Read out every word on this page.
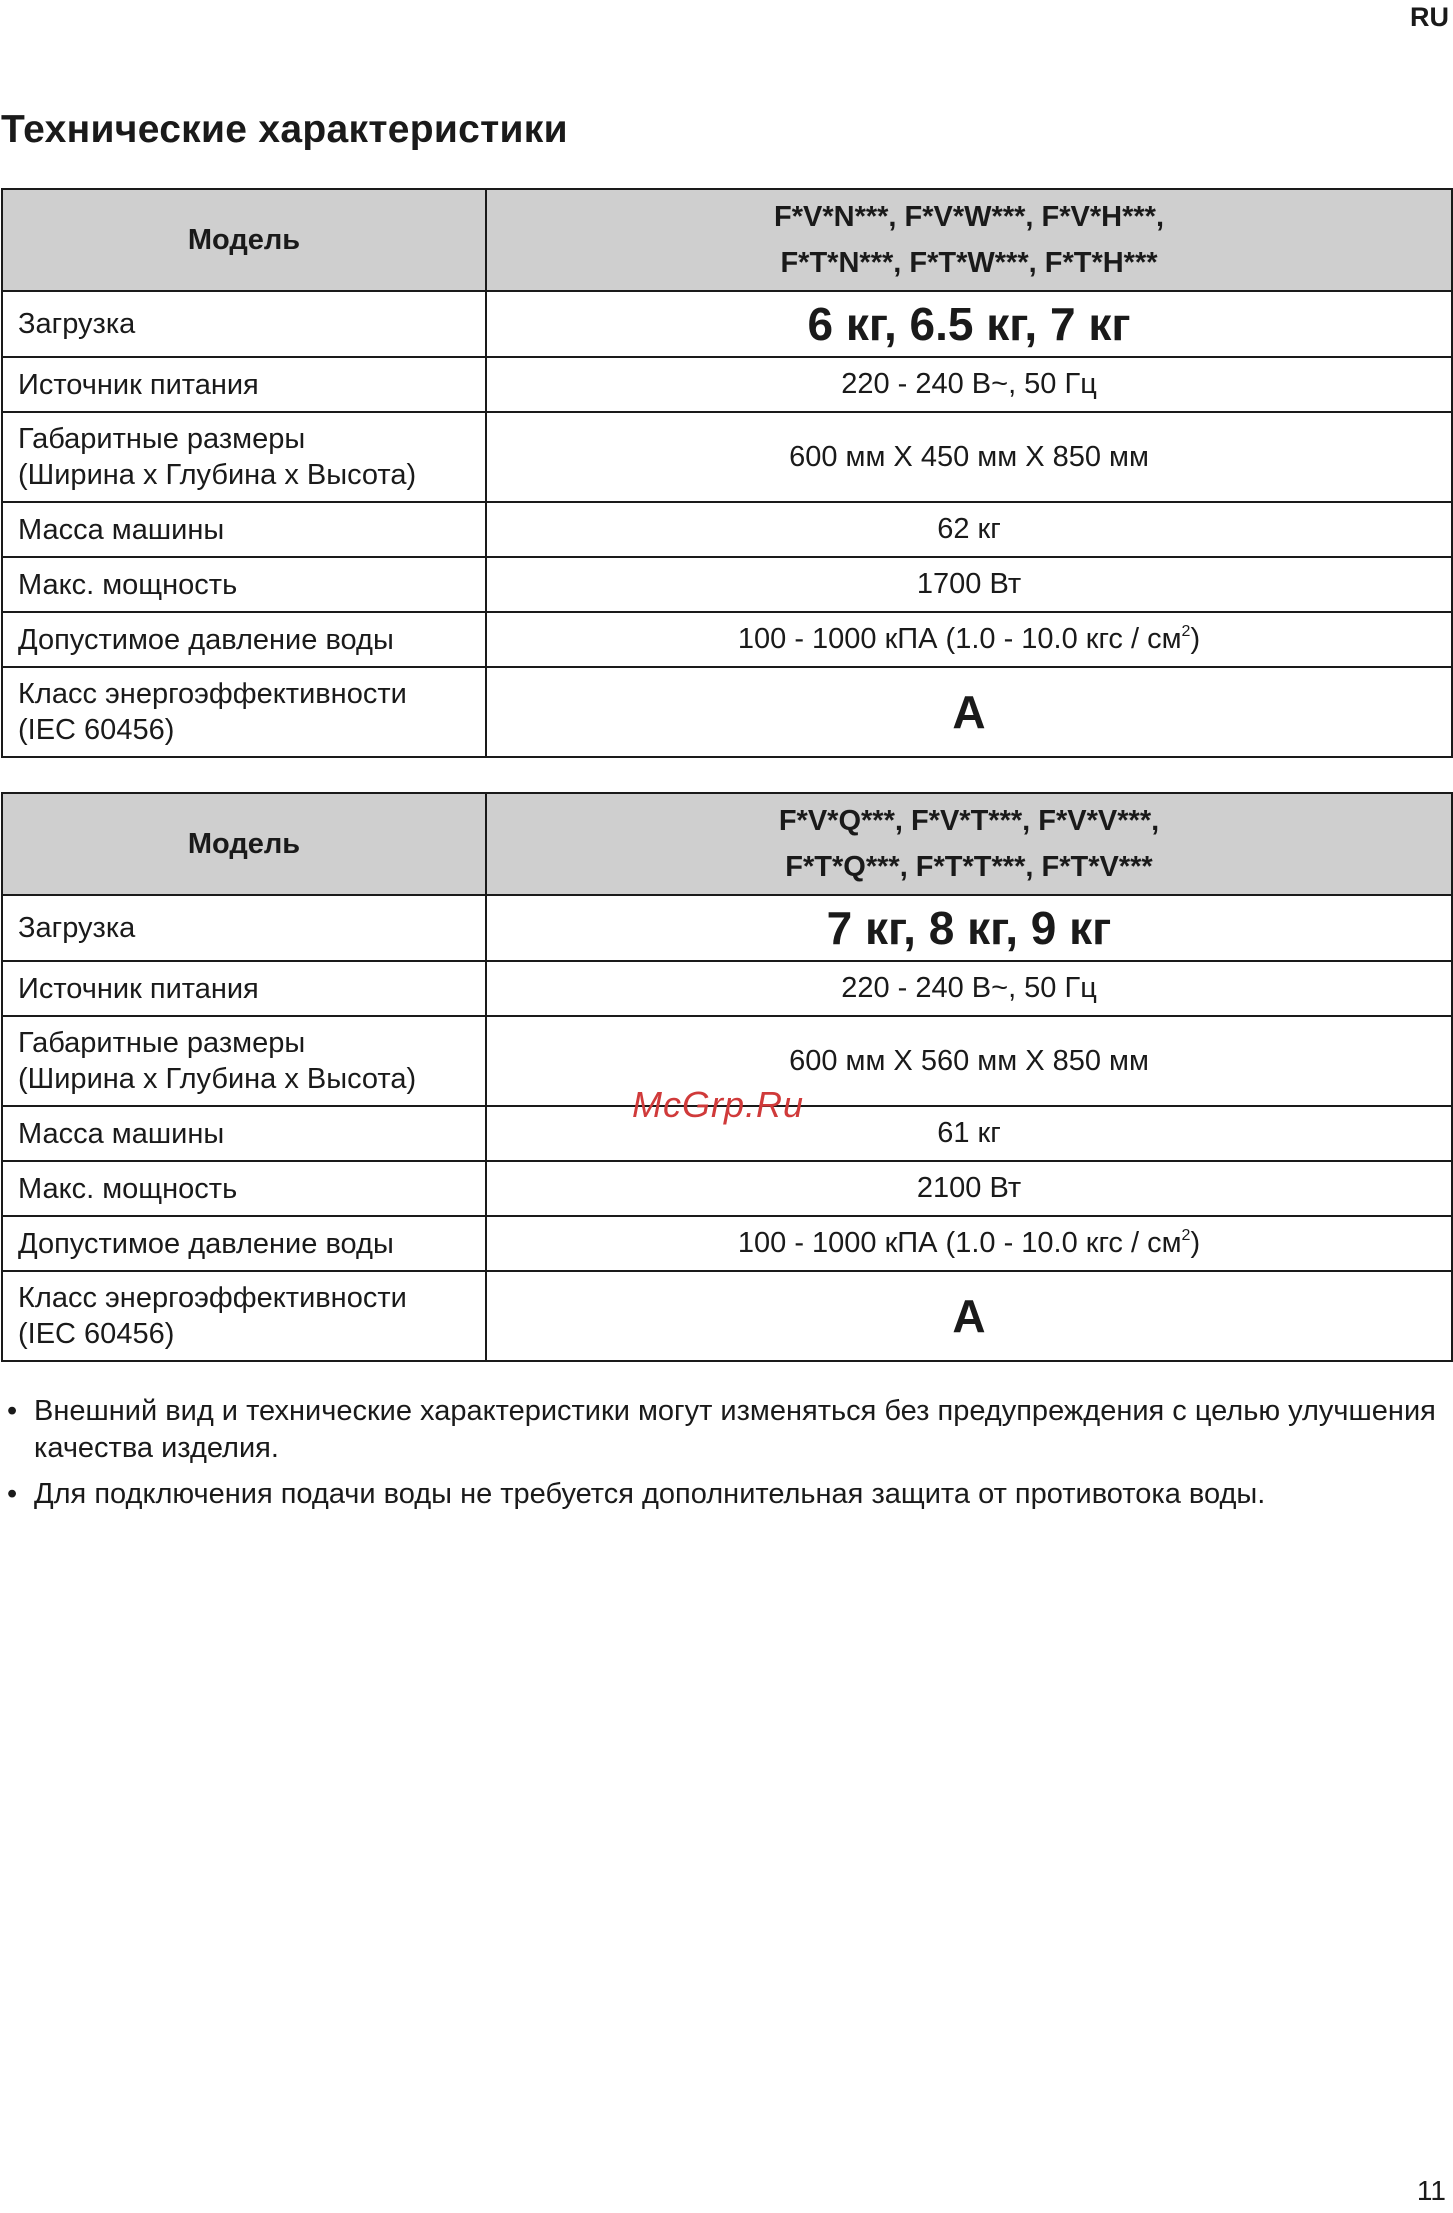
RU
Технические характеристики
Модель	F*V*N***, F*V*W***, F*V*H***,
F*T*N***, F*T*W***, F*T*H***

Загрузка	6 кг, 6.5 кг, 7 кг
Источник питания	220 - 240 В~, 50 Гц

Габаритные размеры
(Ширина x Глубина x Высота)	600 мм X 450 мм X 850 мм
Масса машины	62 кг
Макс. мощность	1700 Вт
Допустимое давление воды	100 - 1000 кПА (1.0 - 10.0 кгс / $см^2$)

Класс энергоэффективности
(IEC 60456)	A
Модель	F*V*Q***, F*V*T***, F*V*V***,
F*T*Q***, F*T*T***, F*T*V***

Загрузка	7 кг, 8 кг, 9 кг
Источник питания	220 - 240 В~, 50 Гц

Габаритные размеры
(Ширина x Глубина x Высота)	600 мм X 560 мм X 850 мм
Масса машины	61 кг
Макс. мощность	2100 Вт
Допустимое давление воды	100 - 1000 кПА (1.0 - 10.0 кгс / $см^2$)

Класс энергоэффективности
(IEC 60456)	A
McGrp.Ru
• Внешний вид и технические характеристики могут изменяться без предупреждения с целью улучшения качества изделия.
• Для подключения подачи воды не требуется дополнительная защита от противотока воды.
11
